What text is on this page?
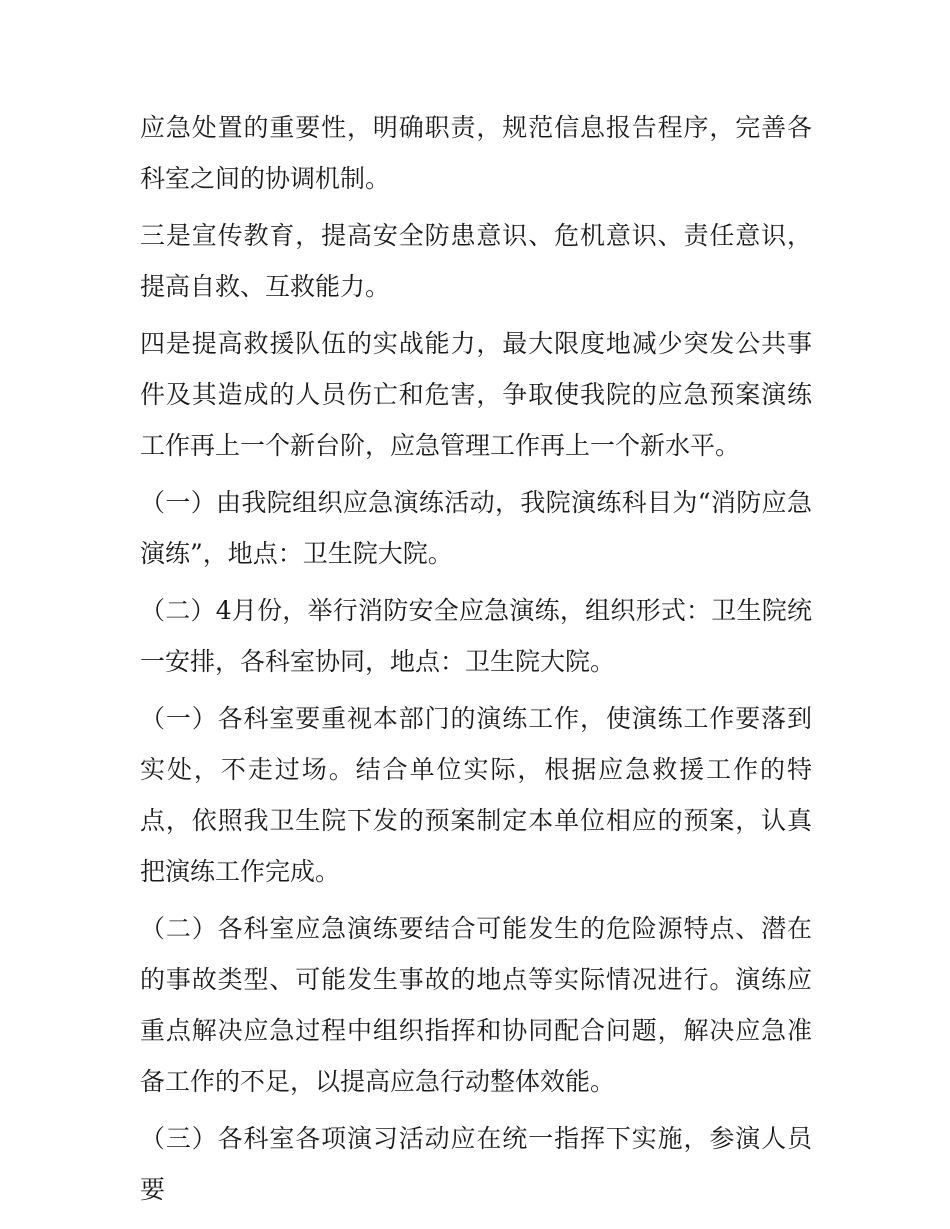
应急处置的重要性，明确职责，规范信息报告程序，完善各科室之间的协调机制。

三是宣传教育，提高安全防患意识、危机意识、责任意识，提高自救、互救能力。

四是提高救援队伍的实战能力，最大限度地减少突发公共事件及其造成的人员伤亡和危害，争取使我院的应急预案演练工作再上一个新台阶，应急管理工作再上一个新水平。

（一）由我院组织应急演练活动，我院演练科目为“消防应急演练”，地点：卫生院大院。

（二）4月份，举行消防安全应急演练，组织形式：卫生院统一安排，各科室协同，地点：卫生院大院。

（一）各科室要重视本部门的演练工作，使演练工作要落到实处，不走过场。结合单位实际，根据应急救援工作的特点，依照我卫生院下发的预案制定本单位相应的预案，认真把演练工作完成。

（二）各科室应急演练要结合可能发生的危险源特点、潜在的事故类型、可能发生事故的地点等实际情况进行。演练应重点解决应急过程中组织指挥和协同配合问题，解决应急准备工作的不足，以提高应急行动整体效能。

（三）各科室各项演习活动应在统一指挥下实施，参演人员要
